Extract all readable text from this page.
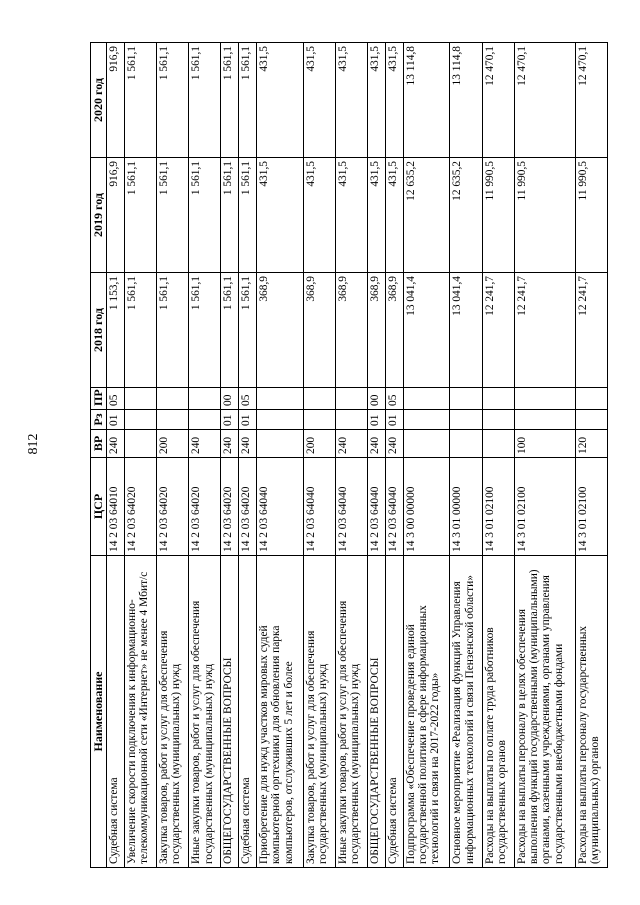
812
Наименование	ЦСР	ВР	Рз	ПР	2018 год	2019 год	2020 год
Судебная система	14 2 03 64010	240	01	05	1 153,1	916,9	916,9
Увеличение скорости подключения к информационно-телекоммуникационной сети «Интернет» не менее 4 Мбит/с	14 2 03 64020				1 561,1	1 561,1	1 561,1
Закупка товаров, работ и услуг для обеспечения государственных (муниципальных) нужд	14 2 03 64020	200			1 561,1	1 561,1	1 561,1
Иные закупки товаров, работ и услуг для обеспечения государственных (муниципальных) нужд	14 2 03 64020	240			1 561,1	1 561,1	1 561,1
ОБЩЕГОСУДАРСТВЕННЫЕ ВОПРОСЫ	14 2 03 64020	240	01	00	1 561,1	1 561,1	1 561,1
Судебная система	14 2 03 64020	240	01	05	1 561,1	1 561,1	1 561,1
Приобретение для нужд участков мировых судей компьютерной оргтехники для обновления парка компьютеров, отслуживших 5 лет и более	14 2 03 64040				368,9	431,5	431,5
Закупка товаров, работ и услуг для обеспечения государственных (муниципальных) нужд	14 2 03 64040	200			368,9	431,5	431,5
Иные закупки товаров, работ и услуг для обеспечения государственных (муниципальных) нужд	14 2 03 64040	240			368,9	431,5	431,5
ОБЩЕГОСУДАРСТВЕННЫЕ ВОПРОСЫ	14 2 03 64040	240	01	00	368,9	431,5	431,5
Судебная система	14 2 03 64040	240	01	05	368,9	431,5	431,5
Подпрограмма «Обеспечение проведения единой государственной политики в сфере информационных технологий и связи на 2017-2022 годы»	14 3 00 00000				13 041,4	12 635,2	13 114,8
Основное мероприятие «Реализация функций Управления информационных технологий и связи Пензенской области»	14 3 01 00000				13 041,4	12 635,2	13 114,8
Расходы на выплаты по оплате труда работников государственных органов	14 3 01 02100				12 241,7	11 990,5	12 470,1
Расходы на выплаты персоналу в целях обеспечения выполнения функций государственными (муниципальными) органами, казенными учреждениями, органами управления государственными внебюджетными фондами	14 3 01 02100	100			12 241,7	11 990,5	12 470,1
Расходы на выплаты персоналу государственных (муниципальных) органов	14 3 01 02100	120			12 241,7	11 990,5	12 470,1
